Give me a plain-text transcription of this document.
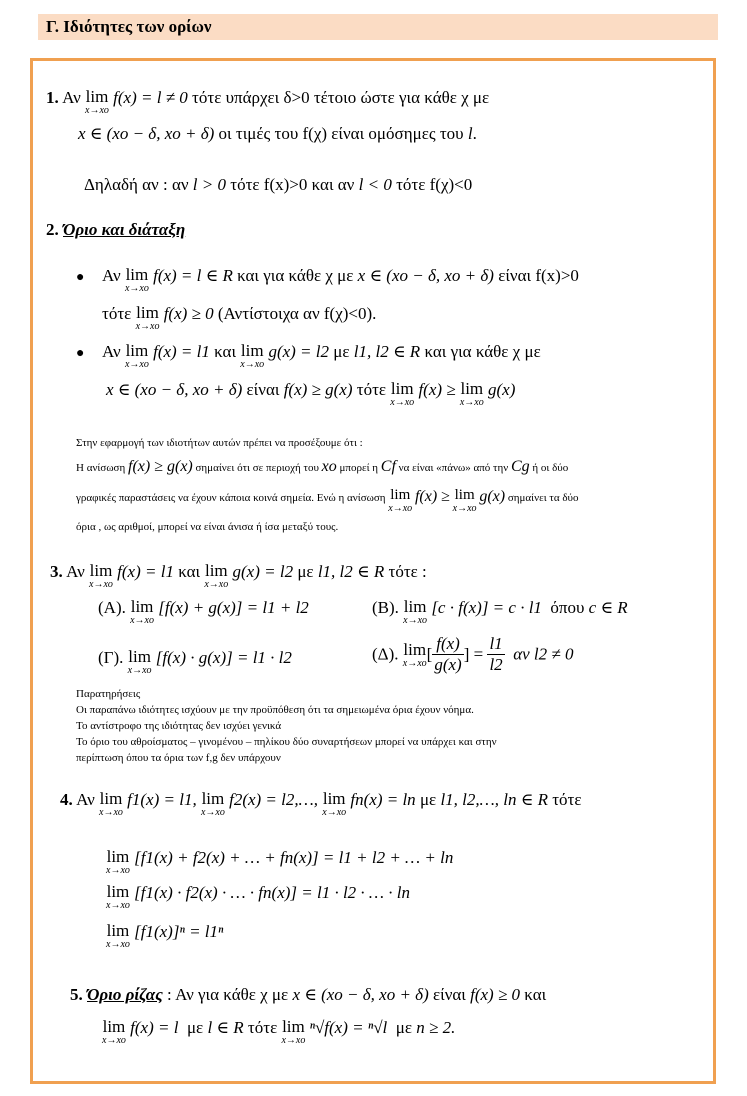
Γ. Ιδιότητες των ορίων
1. Αν lim
x→xo
f(x) = l ≠ 0 τότε υπάρχει δ>0 τέτοιο ώστε για κάθε χ με
x ∈ (xo − δ, xo + δ) οι τιμές του f(χ) είναι ομόσημες του l.
Δηλαδή αν : αν l > 0 τότε f(x)>0 και αν l < 0 τότε f(χ)<0
2. Όριο και διάταξη
● Αν lim
x→xo
f(x) = l ∈ R και για κάθε χ με x ∈ (xo − δ, xo + δ) είναι f(x)>0
τότε lim
x→xo
f(x) ≥ 0 (Αντίστοιχα αν f(χ)<0).
● Αν lim
x→xo
f(x) = l1 και lim
x→xo
g(x) = l2 με l1, l2 ∈ R και για κάθε χ με
x ∈ (xo − δ, xo + δ) είναι f(x) ≥ g(x) τότε lim
x→xo
f(x) ≥ lim
x→xo
g(x)
Στην εφαρμογή των ιδιοτήτων αυτών πρέπει να προσέξουμε ότι :
Η ανίσωση f(x) ≥ g(x) σημαίνει ότι σε περιοχή του xo μπορεί η Cf να είναι «πάνω» από την Cg ή οι δύο
γραφικές παραστάσεις να έχουν κάποια κοινά σημεία. Ενώ η ανίσωση lim
x→xo
f(x) ≥ lim
x→xo
g(x) σημαίνει τα δύο
όρια , ως αριθμοί, μπορεί να είναι άνισα ή ίσα μεταξύ τους.
3. Αν lim
x→xo
f(x) = l1 και lim
x→xo
g(x) = l2 με l1, l2 ∈ R τότε :
(Α). lim
x→xo
[f(x) + g(x)] = l1 + l2	(Β). lim
x→xo
[c · f(x)] = c · l1 όπου c ∈ R
(Γ). lim
x→xo
[f(x) · g(x)] = l1 · l2	(Δ). lim
x→xo [ $\frac{f(x)}{g(x)}$ ] = $\frac{l1}{l2}$ αν l2 ≠ 0
Παρατηρήσεις
Οι παραπάνω ιδιότητες ισχύουν με την προϋπόθεση ότι τα σημειωμένα όρια έχουν νόημα.
Το αντίστροφο της ιδιότητας δεν ισχύει γενικά
Το όριο του αθροίσματος – γινομένου – πηλίκου δύο συναρτήσεων μπορεί να υπάρχει και στην
περίπτωση όπου τα όρια των f,g δεν υπάρχουν
4. Αν lim
x→xo
f1(x) = l1, lim
x→xo
f2(x) = l2,…, lim
x→xo
fn(x) = ln με l1, l2,…, ln ∈ R τότε
lim
x→xo
[f1(x) + f2(x) + … + fn(x)] = l1 + l2 + … + ln
lim
x→xo
[f1(x) · f2(x) · … · fn(x)] = l1 · l2 · … · ln
lim
x→xo
[f1(x)]ⁿ = l1ⁿ
5. Όριο ρίζας : Αν για κάθε χ με x ∈ (xo − δ, xo + δ) είναι f(x) ≥ 0 και
lim
x→xo
f(x) = l με l ∈ R τότε lim
x→xo
ⁿ√f(x) = ⁿ√l με n ≥ 2.
